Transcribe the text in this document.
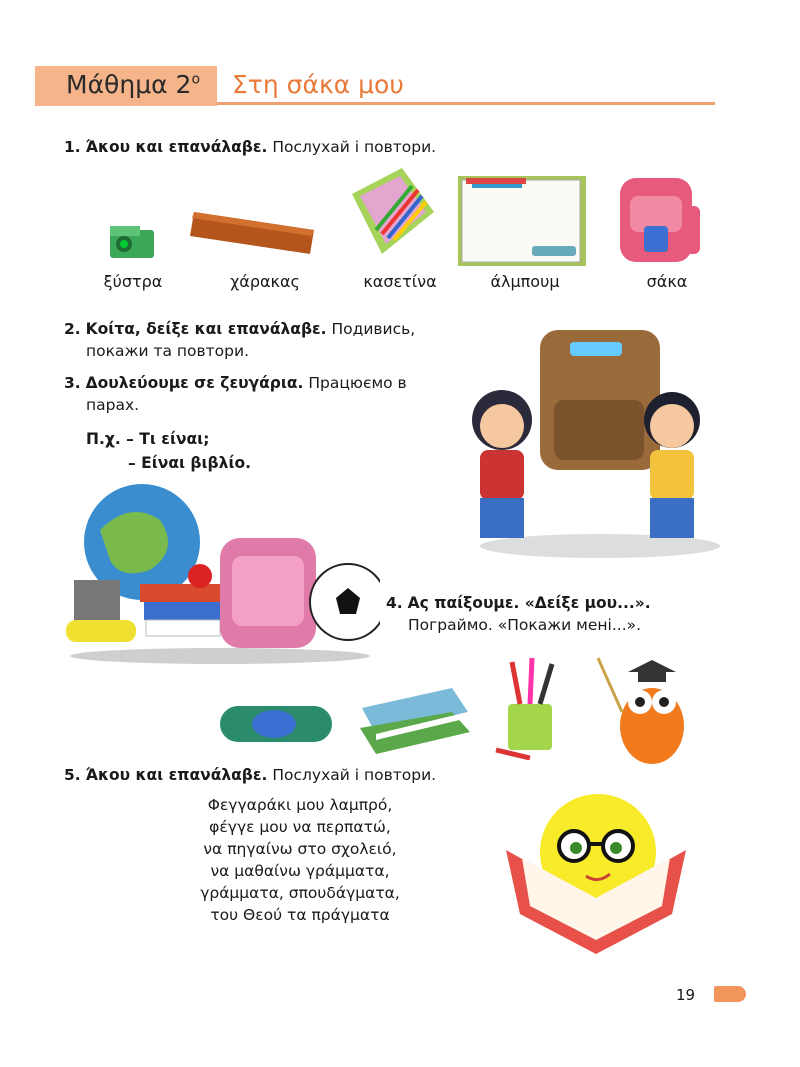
Μάθημα $2^o$ Στη σάκα μου
1. Άκου και επανάλαβε. Послухай і повтори.
ξύστρα	χάρακας	κασετίνα	άλμπουμ	σάκα
2. Κοίτα, δείξε και επανάλαβε. Подивись,
покажи та повтори.
3. Δουλεύουμε σε ζευγάρια. Працюємо в
парах.
Π.χ. – Τι είναι;
– Είναι βιβλίο.
4. Ας παίξουμε. «Δείξε μου...».
Пограймо. «Покажи мені...».
5. Άκου και επανάλαβε. Послухай і повтори.
Φεγγαράκι μου λαμπρό,
φέγγε μου να περπατώ,
να πηγαίνω στο σχολειό,
να μαθαίνω γράμματα,
γράμματα, σπουδάγματα,
του Θεού τα πράγματα
19
